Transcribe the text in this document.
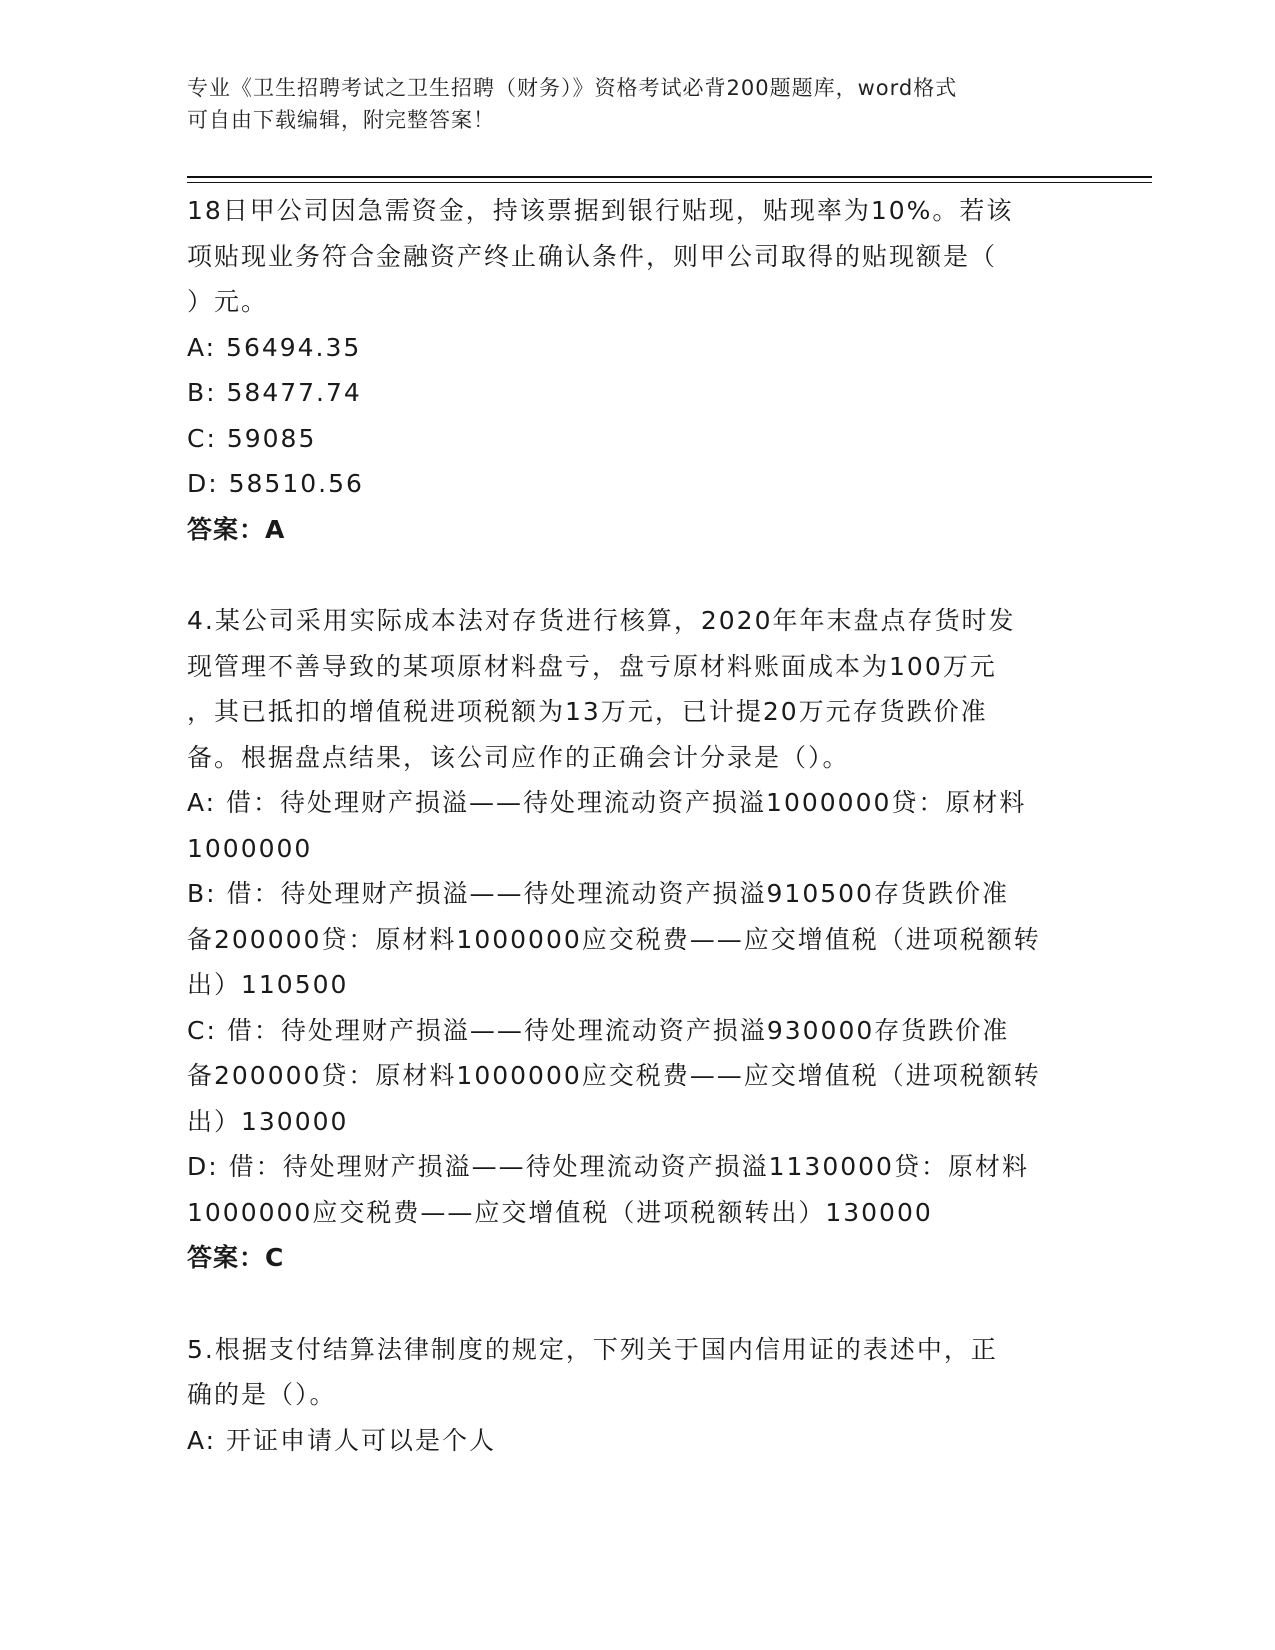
专业《卫生招聘考试之卫生招聘（财务）》资格考试必背200题题库，word格式
可自由下载编辑，附完整答案！
18日甲公司因急需资金，持该票据到银行贴现，贴现率为10%。若该
项贴现业务符合金融资产终止确认条件，则甲公司取得的贴现额是（
）元。
A: 56494.35
B: 58477.74
C: 59085
D: 58510.56
答案：A
4.某公司采用实际成本法对存货进行核算，2020年年末盘点存货时发
现管理不善导致的某项原材料盘亏，盘亏原材料账面成本为100万元
，其已抵扣的增值税进项税额为13万元，已计提20万元存货跌价准
备。根据盘点结果，该公司应作的正确会计分录是（）。
A: 借：待处理财产损溢——待处理流动资产损溢1000000贷：原材料
1000000
B: 借：待处理财产损溢——待处理流动资产损溢910500存货跌价准
备200000贷：原材料1000000应交税费——应交增值税（进项税额转
出）110500
C: 借：待处理财产损溢——待处理流动资产损溢930000存货跌价准
备200000贷：原材料1000000应交税费——应交增值税（进项税额转
出）130000
D: 借：待处理财产损溢——待处理流动资产损溢1130000贷：原材料
1000000应交税费——应交增值税（进项税额转出）130000
答案：C
5.根据支付结算法律制度的规定，下列关于国内信用证的表述中，正
确的是（）。
A: 开证申请人可以是个人
